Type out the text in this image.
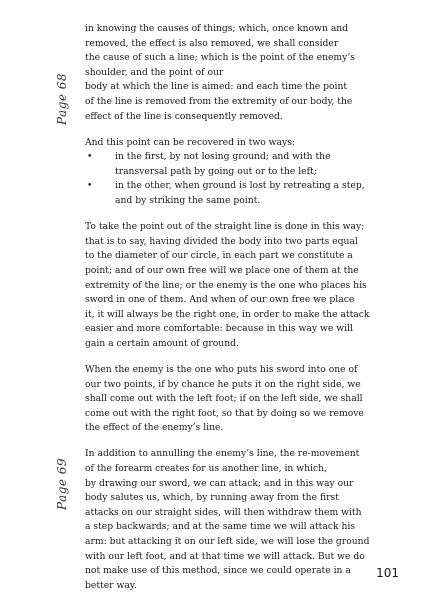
Page 68
Page 69
in knowing the causes of things; which, once known and
removed, the effect is also removed, we shall consider
the cause of such a line; which is the point of the enemy’s
shoulder, and the point of our
body at which the line is aimed: and each time the point
of the line is removed from the extremity of our body, the
effect of the line is consequently removed.
And this point can be recovered in two ways:
• in the first, by not losing ground; and with the
transversal path by going out or to the left;
• in the other, when ground is lost by retreating a step,
and by striking the same point.
To take the point out of the straight line is done in this way;
that is to say, having divided the body into two parts equal
to the diameter of our circle, in each part we constitute a
point; and of our own free will we place one of them at the
extremity of the line; or the enemy is the one who places his
sword in one of them. And when of our own free we place
it, it will always be the right one, in order to make the attack
easier and more comfortable: because in this way we will
gain a certain amount of ground.
When the enemy is the one who puts his sword into one of
our two points, if by chance he puts it on the right side, we
shall come out with the left foot; if on the left side, we shall
come out with the right foot, so that by doing so we remove
the effect of the enemy’s line.
In addition to annulling the enemy’s line, the re-movement
of the forearm creates for us another line, in which,
by drawing our sword, we can attack; and in this way our
body salutes us, which, by running away from the first
attacks on our straight sides, will then withdraw them with
a step backwards; and at the same time we will attack his
arm: but attacking it on our left side, we will lose the ground
with our left foot, and at that time we will attack. But we do
not make use of this method, since we could operate in a
better way.
101
